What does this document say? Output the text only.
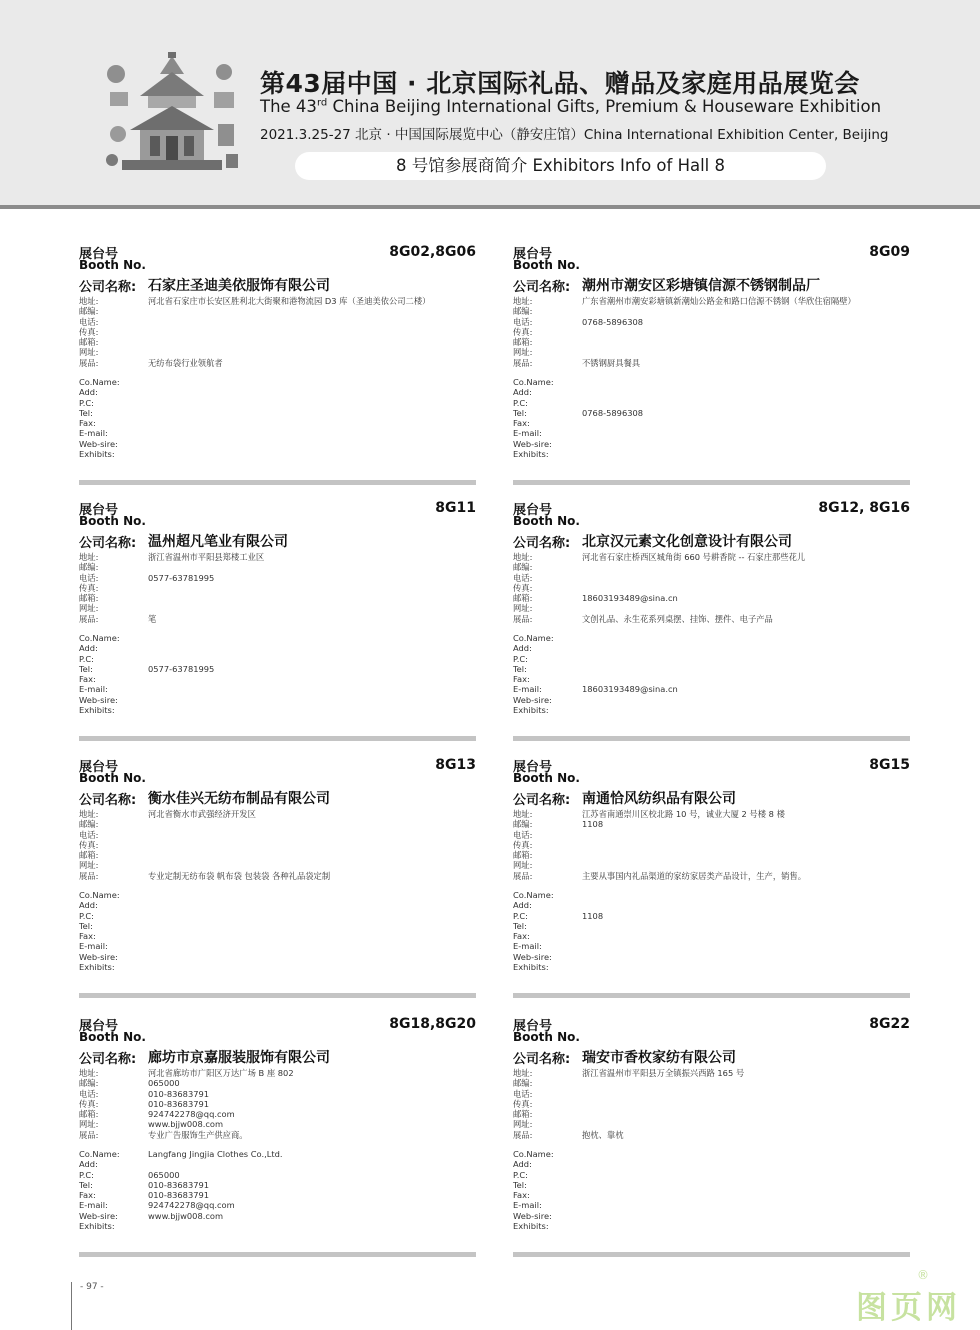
第43届中国 · 北京国际礼品、赠品及家庭用品展览会
The 43rd China Beijing International Gifts, Premium & Houseware Exhibition
2021.3.25-27 北京 · 中国国际展览中心（静安庄馆）China International Exhibition Center, Beijing
8 号馆参展商简介 Exhibitors Info of Hall 8
展台号
Booth No.
8G02,8G06
公司名称: 石家庄圣迪美依服饰有限公司
地址:	河北省石家庄市长安区胜利北大街聚和港物流园 D3 库（圣迪美依公司二楼）
邮编:
电话:
传真:
邮箱:
网址:
展品:	无纺布袋行业领航者
Co.Name:
Add:
P.C:
Tel:
Fax:
E-mail:
Web-sire:
Exhibits:
展台号
Booth No.
8G09
公司名称: 潮州市潮安区彩塘镇信源不锈钢制品厂
地址:	广东省潮州市潮安彩塘镇新潮灿公路金和路口信源不锈钢（华欣住宿隔壁）
邮编:
电话:	0768-5896308
传真:
邮箱:
网址:
展品:	不锈钢厨具餐具
Co.Name:
Add:
P.C:
Tel:	0768-5896308
Fax:
E-mail:
Web-sire:
Exhibits:
展台号
Booth No.
8G11
公司名称: 温州超凡笔业有限公司
地址:	浙江省温州市平阳县郑楼工业区
邮编:
电话:	0577-63781995
传真:
邮箱:
网址:
展品:	笔
Co.Name:
Add:
P.C:
Tel:	0577-63781995
Fax:
E-mail:
Web-sire:
Exhibits:
展台号
Booth No.
8G12, 8G16
公司名称: 北京汉元素文化创意设计有限公司
地址:	河北省石家庄桥西区城角街 660 号耕香院 -- 石家庄那些花儿
邮编:
电话:
传真:
邮箱:	18603193489@sina.cn
网址:
展品:	文创礼品、永生花系列桌摆、挂饰、摆件、电子产品
Co.Name:
Add:
P.C:
Tel:
Fax:
E-mail:	18603193489@sina.cn
Web-sire:
Exhibits:
展台号
Booth No.
8G13
公司名称: 衡水佳兴无纺布制品有限公司
地址:	河北省衡水市武强经济开发区
邮编:
电话:
传真:
邮箱:
网址:
展品:	专业定制无纺布袋 帆布袋 包装袋 各种礼品袋定制
Co.Name:
Add:
P.C:
Tel:
Fax:
E-mail:
Web-sire:
Exhibits:
展台号
Booth No.
8G15
公司名称: 南通恰风纺织品有限公司
地址:	江苏省南通崇川区校北路 10 号，诚业大厦 2 号楼 8 楼
邮编:	1108
电话:
传真:
邮箱:
网址:
展品:	主要从事国内礼品渠道的家纺家居类产品设计，生产，销售。
Co.Name:
Add:
P.C:	1108
Tel:
Fax:
E-mail:
Web-sire:
Exhibits:
展台号
Booth No.
8G18,8G20
公司名称: 廊坊市京嘉服装服饰有限公司
地址:	河北省廊坊市广阳区万达广场 B 座 802
邮编:	065000
电话:	010-83683791
传真:	010-83683791
邮箱:	924742278@qq.com
网址:	www.bjjw008.com
展品:	专业广告服饰生产供应商。
Co.Name:	Langfang Jingjia Clothes Co.,Ltd.
Add:
P.C:	065000
Tel:	010-83683791
Fax:	010-83683791
E-mail:	924742278@qq.com
Web-sire:	www.bjjw008.com
Exhibits:
展台号
Booth No.
8G22
公司名称: 瑞安市香枚家纺有限公司
地址:	浙江省温州市平阳县万全镇振兴西路 165 号
邮编:
电话:
传真:
邮箱:
网址:
展品:	抱枕、靠枕
Co.Name:
Add:
P.C:
Tel:
Fax:
E-mail:
Web-sire:
Exhibits:
- 97 -
图页网
®
